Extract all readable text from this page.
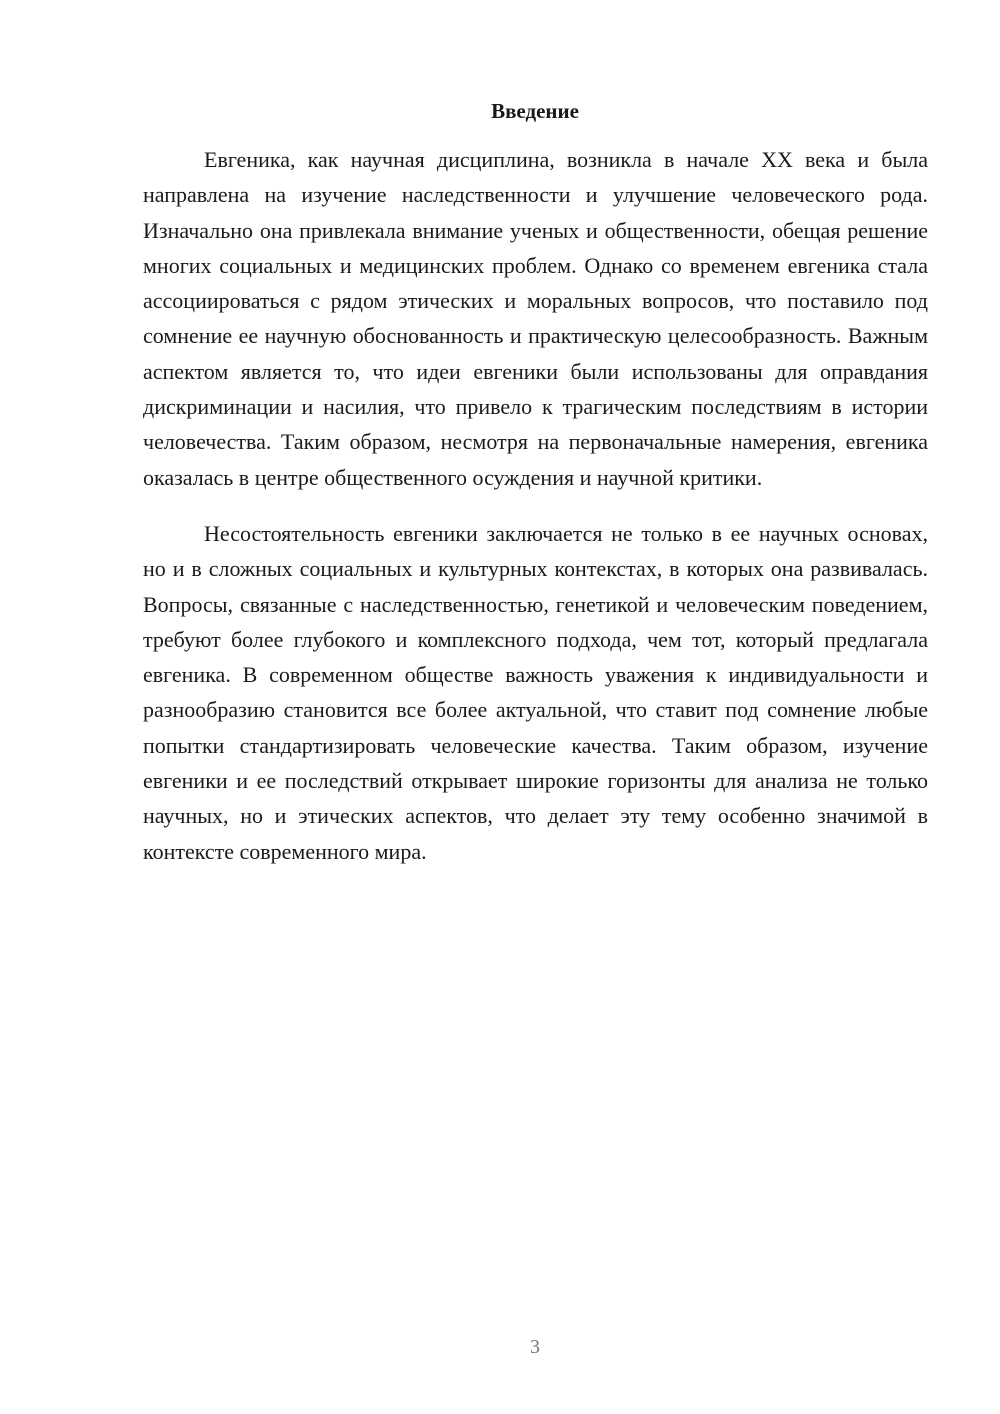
Введение

Евгеника, как научная дисциплина, возникла в начале XX века и была направлена на изучение наследственности и улучшение человеческого рода. Изначально она привлекала внимание ученых и общественности, обещая решение многих социальных и медицинских проблем. Однако со временем евгеника стала ассоциироваться с рядом этических и моральных вопросов, что поставило под сомнение ее научную обоснованность и практическую целесообразность. Важным аспектом является то, что идеи евгеники были использованы для оправдания дискриминации и насилия, что привело к трагическим последствиям в истории человечества. Таким образом, несмотря на первоначальные намерения, евгеника оказалась в центре общественного осуждения и научной критики.

Несостоятельность евгеники заключается не только в ее научных основах, но и в сложных социальных и культурных контекстах, в которых она развивалась. Вопросы, связанные с наследственностью, генетикой и человеческим поведением, требуют более глубокого и комплексного подхода, чем тот, который предлагала евгеника. В современном обществе важность уважения к индивидуальности и разнообразию становится все более актуальной, что ставит под сомнение любые попытки стандартизировать человеческие качества. Таким образом, изучение евгеники и ее последствий открывает широкие горизонты для анализа не только научных, но и этических аспектов, что делает эту тему особенно значимой в контексте современного мира.

3
